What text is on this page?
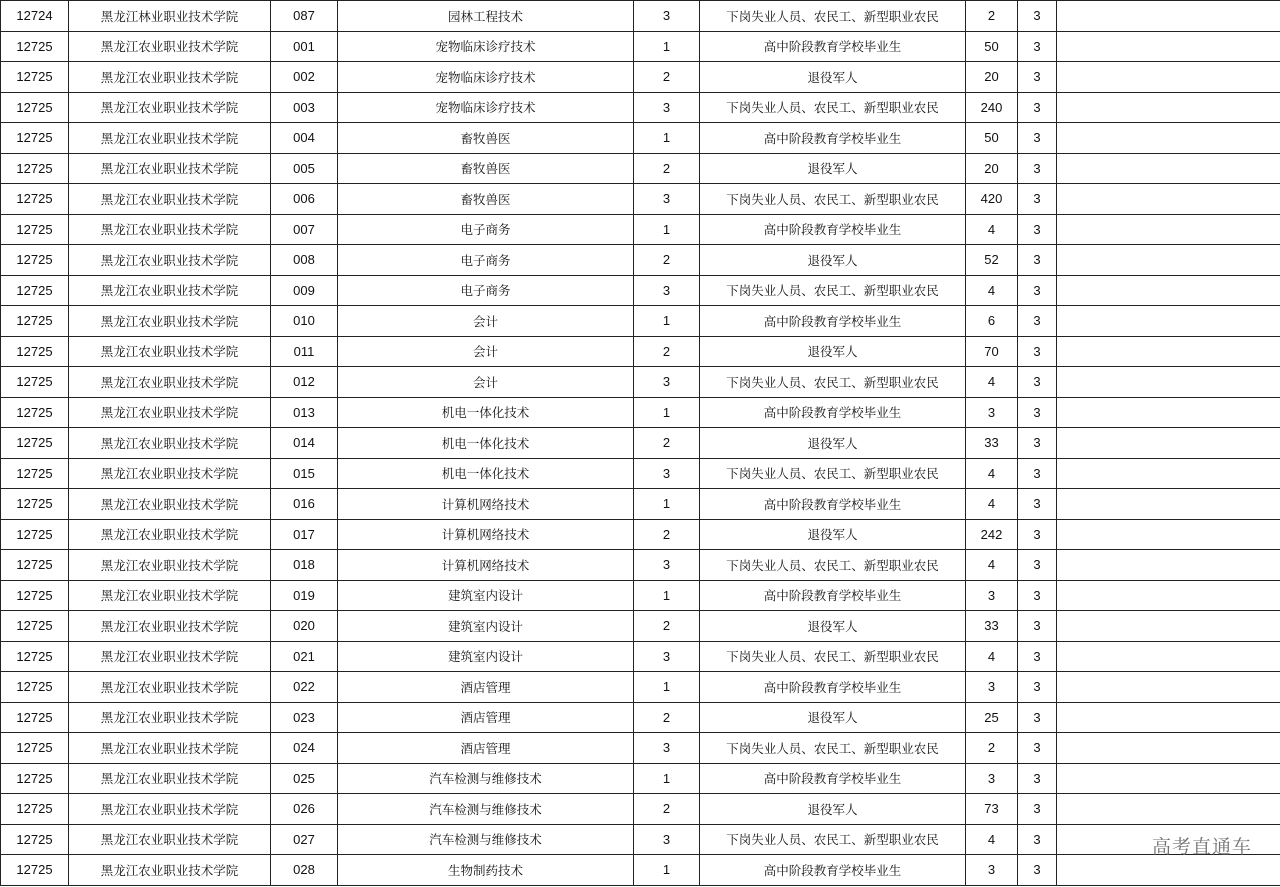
12724	黑龙江林业职业技术学院	087	园林工程技术	3	下岗失业人员、农民工、新型职业农民	2	3	
12725	黑龙江农业职业技术学院	001	宠物临床诊疗技术	1	高中阶段教育学校毕业生	50	3	
12725	黑龙江农业职业技术学院	002	宠物临床诊疗技术	2	退役军人	20	3	
12725	黑龙江农业职业技术学院	003	宠物临床诊疗技术	3	下岗失业人员、农民工、新型职业农民	240	3	
12725	黑龙江农业职业技术学院	004	畜牧兽医	1	高中阶段教育学校毕业生	50	3	
12725	黑龙江农业职业技术学院	005	畜牧兽医	2	退役军人	20	3	
12725	黑龙江农业职业技术学院	006	畜牧兽医	3	下岗失业人员、农民工、新型职业农民	420	3	
12725	黑龙江农业职业技术学院	007	电子商务	1	高中阶段教育学校毕业生	4	3	
12725	黑龙江农业职业技术学院	008	电子商务	2	退役军人	52	3	
12725	黑龙江农业职业技术学院	009	电子商务	3	下岗失业人员、农民工、新型职业农民	4	3	
12725	黑龙江农业职业技术学院	010	会计	1	高中阶段教育学校毕业生	6	3	
12725	黑龙江农业职业技术学院	011	会计	2	退役军人	70	3	
12725	黑龙江农业职业技术学院	012	会计	3	下岗失业人员、农民工、新型职业农民	4	3	
12725	黑龙江农业职业技术学院	013	机电一体化技术	1	高中阶段教育学校毕业生	3	3	
12725	黑龙江农业职业技术学院	014	机电一体化技术	2	退役军人	33	3	
12725	黑龙江农业职业技术学院	015	机电一体化技术	3	下岗失业人员、农民工、新型职业农民	4	3	
12725	黑龙江农业职业技术学院	016	计算机网络技术	1	高中阶段教育学校毕业生	4	3	
12725	黑龙江农业职业技术学院	017	计算机网络技术	2	退役军人	242	3	
12725	黑龙江农业职业技术学院	018	计算机网络技术	3	下岗失业人员、农民工、新型职业农民	4	3	
12725	黑龙江农业职业技术学院	019	建筑室内设计	1	高中阶段教育学校毕业生	3	3	
12725	黑龙江农业职业技术学院	020	建筑室内设计	2	退役军人	33	3	
12725	黑龙江农业职业技术学院	021	建筑室内设计	3	下岗失业人员、农民工、新型职业农民	4	3	
12725	黑龙江农业职业技术学院	022	酒店管理	1	高中阶段教育学校毕业生	3	3	
12725	黑龙江农业职业技术学院	023	酒店管理	2	退役军人	25	3	
12725	黑龙江农业职业技术学院	024	酒店管理	3	下岗失业人员、农民工、新型职业农民	2	3	
12725	黑龙江农业职业技术学院	025	汽车检测与维修技术	1	高中阶段教育学校毕业生	3	3	
12725	黑龙江农业职业技术学院	026	汽车检测与维修技术	2	退役军人	73	3	
12725	黑龙江农业职业技术学院	027	汽车检测与维修技术	3	下岗失业人员、农民工、新型职业农民	4	3	
12725	黑龙江农业职业技术学院	028	生物制药技术	1	高中阶段教育学校毕业生	3	3	
高考直通车
